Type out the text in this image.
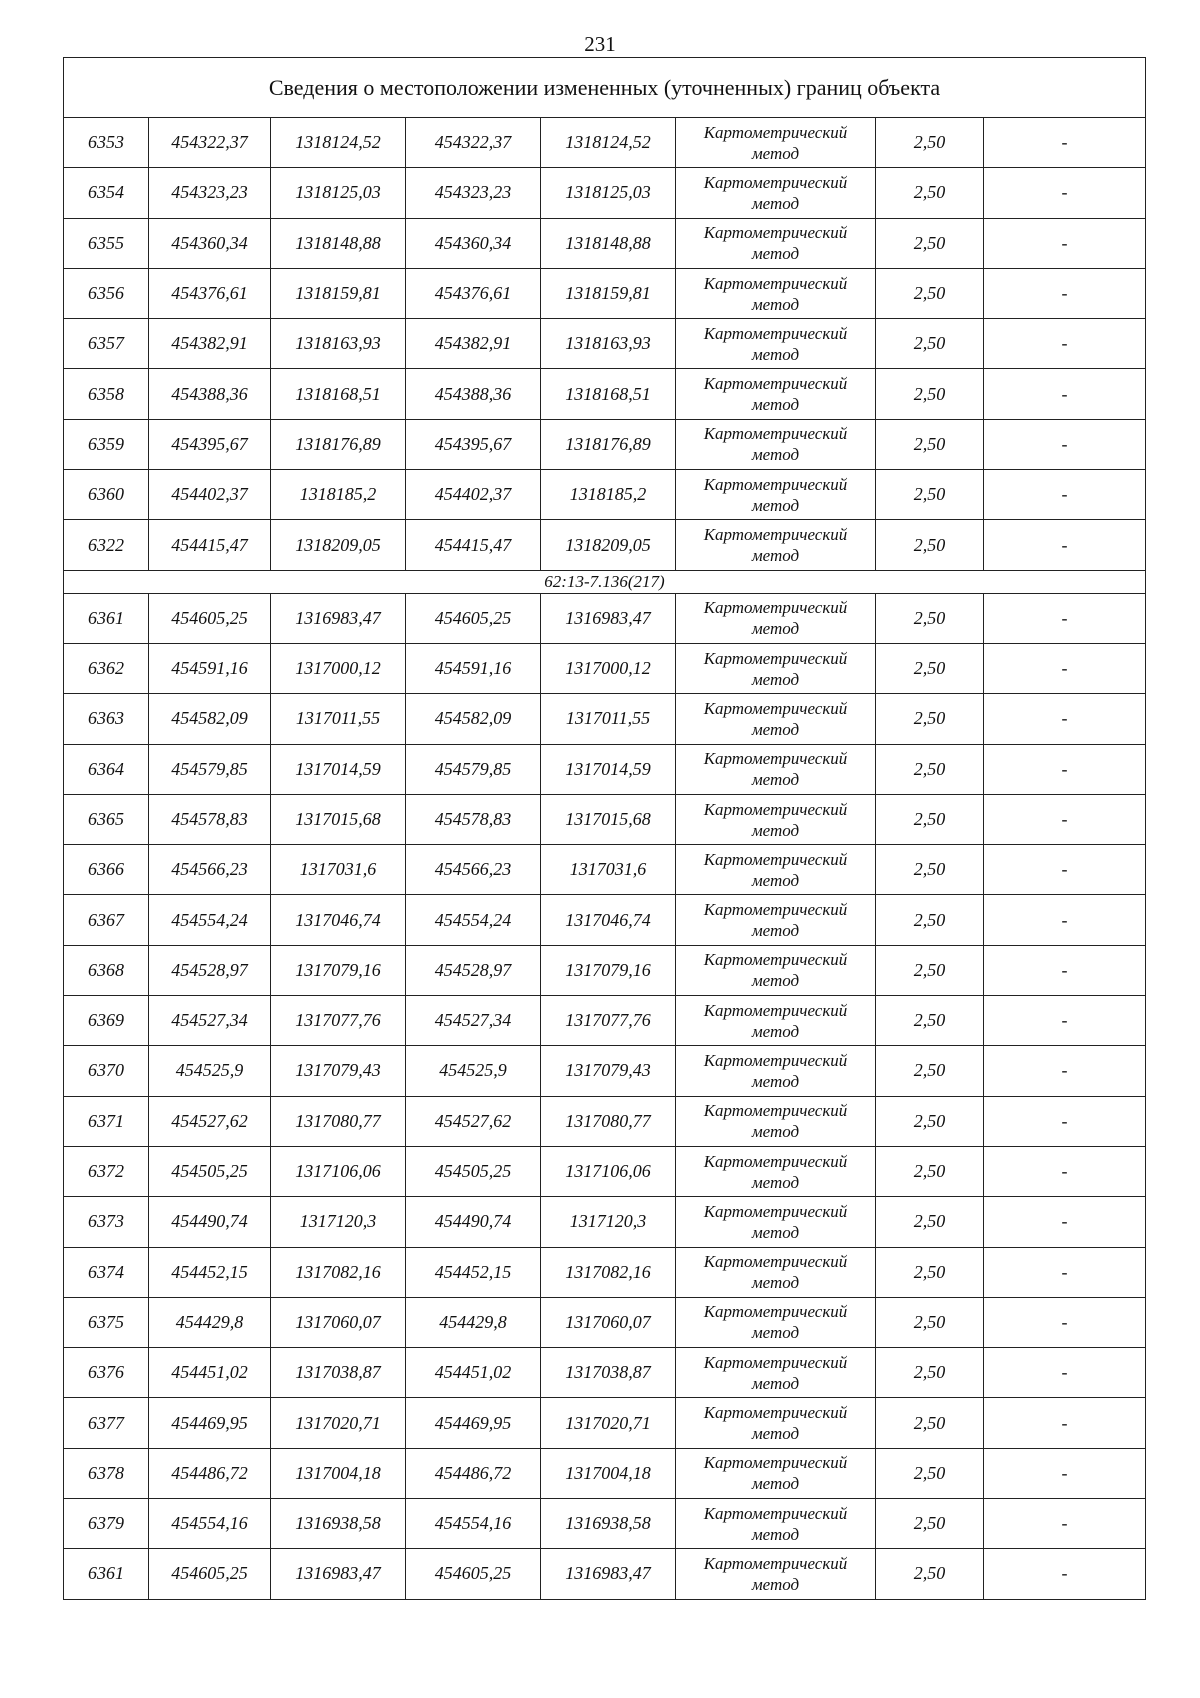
231
Сведения о местоположении измененных (уточненных) границ объекта							
6353	454322,37	1318124,52	454322,37	1318124,52	Картометрический
метод	2,50	-
6354	454323,23	1318125,03	454323,23	1318125,03	Картометрический
метод	2,50	-
6355	454360,34	1318148,88	454360,34	1318148,88	Картометрический
метод	2,50	-
6356	454376,61	1318159,81	454376,61	1318159,81	Картометрический
метод	2,50	-
6357	454382,91	1318163,93	454382,91	1318163,93	Картометрический
метод	2,50	-
6358	454388,36	1318168,51	454388,36	1318168,51	Картометрический
метод	2,50	-
6359	454395,67	1318176,89	454395,67	1318176,89	Картометрический
метод	2,50	-
6360	454402,37	1318185,2	454402,37	1318185,2	Картометрический
метод	2,50	-
6322	454415,47	1318209,05	454415,47	1318209,05	Картометрический
метод	2,50	-
62:13-7.136(217)							
6361	454605,25	1316983,47	454605,25	1316983,47	Картометрический
метод	2,50	-
6362	454591,16	1317000,12	454591,16	1317000,12	Картометрический
метод	2,50	-
6363	454582,09	1317011,55	454582,09	1317011,55	Картометрический
метод	2,50	-
6364	454579,85	1317014,59	454579,85	1317014,59	Картометрический
метод	2,50	-
6365	454578,83	1317015,68	454578,83	1317015,68	Картометрический
метод	2,50	-
6366	454566,23	1317031,6	454566,23	1317031,6	Картометрический
метод	2,50	-
6367	454554,24	1317046,74	454554,24	1317046,74	Картометрический
метод	2,50	-
6368	454528,97	1317079,16	454528,97	1317079,16	Картометрический
метод	2,50	-
6369	454527,34	1317077,76	454527,34	1317077,76	Картометрический
метод	2,50	-
6370	454525,9	1317079,43	454525,9	1317079,43	Картометрический
метод	2,50	-
6371	454527,62	1317080,77	454527,62	1317080,77	Картометрический
метод	2,50	-
6372	454505,25	1317106,06	454505,25	1317106,06	Картометрический
метод	2,50	-
6373	454490,74	1317120,3	454490,74	1317120,3	Картометрический
метод	2,50	-
6374	454452,15	1317082,16	454452,15	1317082,16	Картометрический
метод	2,50	-
6375	454429,8	1317060,07	454429,8	1317060,07	Картометрический
метод	2,50	-
6376	454451,02	1317038,87	454451,02	1317038,87	Картометрический
метод	2,50	-
6377	454469,95	1317020,71	454469,95	1317020,71	Картометрический
метод	2,50	-
6378	454486,72	1317004,18	454486,72	1317004,18	Картометрический
метод	2,50	-
6379	454554,16	1316938,58	454554,16	1316938,58	Картометрический
метод	2,50	-
6361	454605,25	1316983,47	454605,25	1316983,47	Картометрический
метод	2,50	-
